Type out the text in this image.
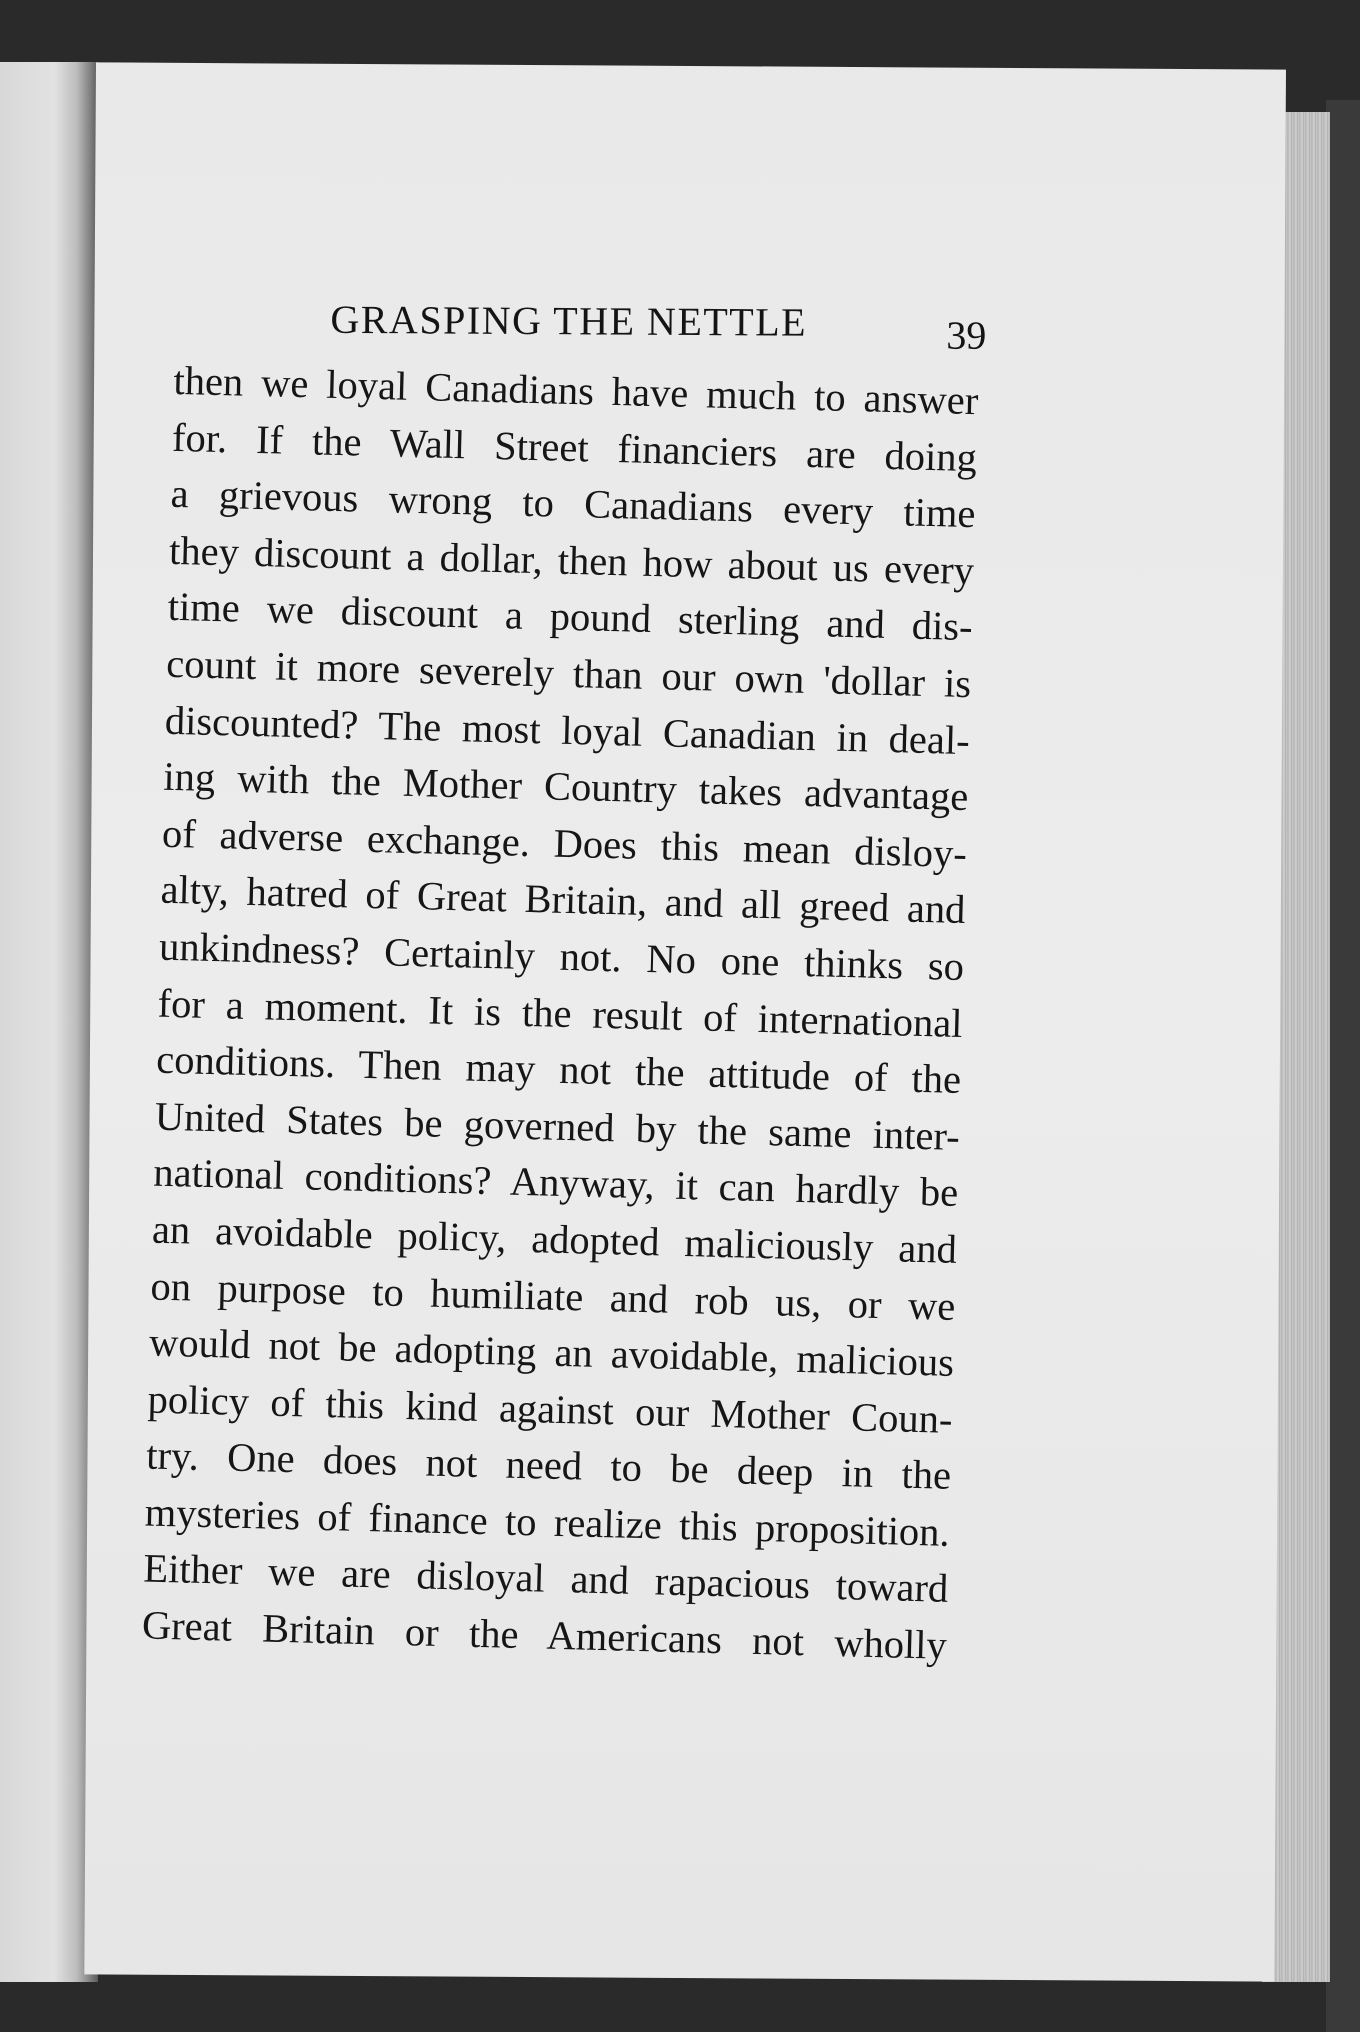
GRASPING THE NETTLE	39
then we loyal Canadians have much to answer
for. If the Wall Street financiers are doing
a grievous wrong to Canadians every time
they discount a dollar, then how about us every
time we discount a pound sterling and dis-
count it more severely than our own 'dollar is
discounted? The most loyal Canadian in deal-
ing with the Mother Country takes advantage
of adverse exchange. Does this mean disloy-
alty, hatred of Great Britain, and all greed and
unkindness? Certainly not. No one thinks so
for a moment. It is the result of international
conditions. Then may not the attitude of the
United States be governed by the same inter-
national conditions? Anyway, it can hardly be
an avoidable policy, adopted maliciously and
on purpose to humiliate and rob us, or we
would not be adopting an avoidable, malicious
policy of this kind against our Mother Coun-
try. One does not need to be deep in the
mysteries of finance to realize this proposition.
Either we are disloyal and rapacious toward
Great Britain or the Americans not wholly
